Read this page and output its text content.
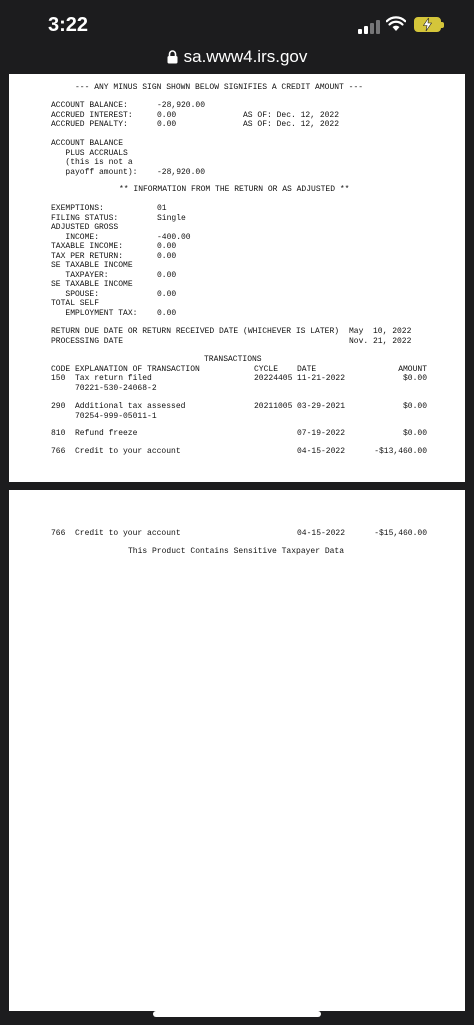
3:22
sa.www4.irs.gov
--- ANY MINUS SIGN SHOWN BELOW SIGNIFIES A CREDIT AMOUNT ---
ACCOUNT BALANCE:	-28,920.00
ACCRUED INTEREST:	0.00	AS OF: Dec. 12, 2022
ACCRUED PENALTY:	0.00	AS OF: Dec. 12, 2022
ACCOUNT BALANCE
PLUS ACCRUALS
(this is not a
payoff amount): -28,920.00
** INFORMATION FROM THE RETURN OR AS ADJUSTED **
EXEMPTIONS:	01
FILING STATUS:	Single
ADJUSTED GROSS
INCOME:	-400.00
TAXABLE INCOME:	0.00
TAX PER RETURN:	0.00
SE TAXABLE INCOME
TAXPAYER:	0.00
SE TAXABLE INCOME
SPOUSE:	0.00
TOTAL SELF
EMPLOYMENT TAX: 0.00
RETURN DUE DATE OR RETURN RECEIVED DATE (WHICHEVER IS LATER) May  10, 2022
PROCESSING DATE	Nov. 21, 2022
TRANSACTIONS
CODE EXPLANATION OF TRANSACTION	CYCLE DATE	AMOUNT
150 Tax return filed	20224405 11-21-2022	$0.00
70221-530-24068-2
290 Additional tax assessed	20211005 03-29-2021	$0.00
70254-999-05011-1
810 Refund freeze	07-19-2022	$0.00
766 Credit to your account	04-15-2022	-$13,460.00
766 Credit to your account	04-15-2022	-$15,460.00
This Product Contains Sensitive Taxpayer Data
